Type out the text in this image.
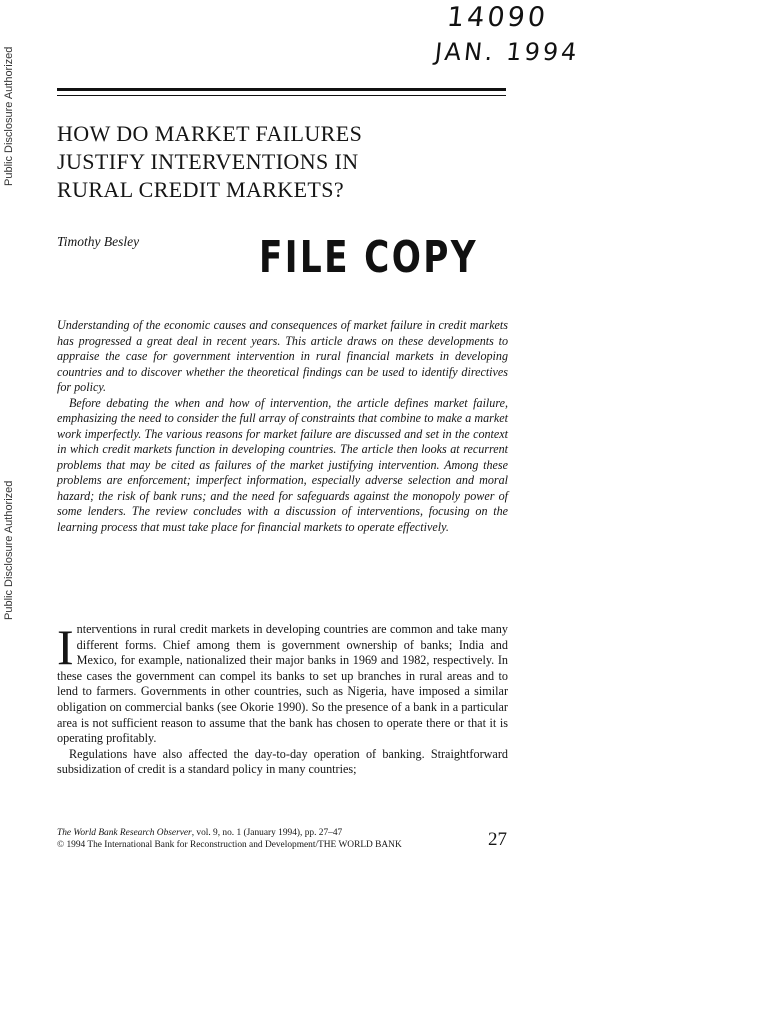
Public Disclosure Authorized
Public Disclosure Authorized
14090
JAN. 1994
HOW DO MARKET FAILURES
JUSTIFY INTERVENTIONS IN
RURAL CREDIT MARKETS?

Timothy Besley	FILE COPY

Understanding of the economic causes and consequences of market failure in credit markets has progressed a great deal in recent years. This article draws on these developments to appraise the case for government intervention in rural financial markets in developing countries and to discover whether the theoretical findings can be used to identify directives for policy.

Before debating the when and how of intervention, the article defines market failure, emphasizing the need to consider the full array of constraints that combine to make a market work imperfectly. The various reasons for market failure are discussed and set in the context in which credit markets function in developing countries. The article then looks at recurrent problems that may be cited as failures of the market justifying intervention. Among these problems are enforcement; imperfect information, especially adverse selection and moral hazard; the risk of bank runs; and the need for safeguards against the monopoly power of some lenders. The review concludes with a discussion of interventions, focusing on the learning process that must take place for financial markets to operate effectively.

Interventions in rural credit markets in developing countries are common and take many different forms. Chief among them is government ownership of banks; India and Mexico, for example, nationalized their major banks in 1969 and 1982, respectively. In these cases the government can compel its banks to set up branches in rural areas and to lend to farmers. Governments in other countries, such as Nigeria, have imposed a similar obligation on commercial banks (see Okorie 1990). So the presence of a bank in a particular area is not sufficient reason to assume that the bank has chosen to operate there or that it is operating profitably.

Regulations have also affected the day-to-day operation of banking. Straightforward subsidization of credit is a standard policy in many countries;

The World Bank Research Observer, vol. 9, no. 1 (January 1994), pp. 27–47
© 1994 The International Bank for Reconstruction and Development/THE WORLD BANK	27
